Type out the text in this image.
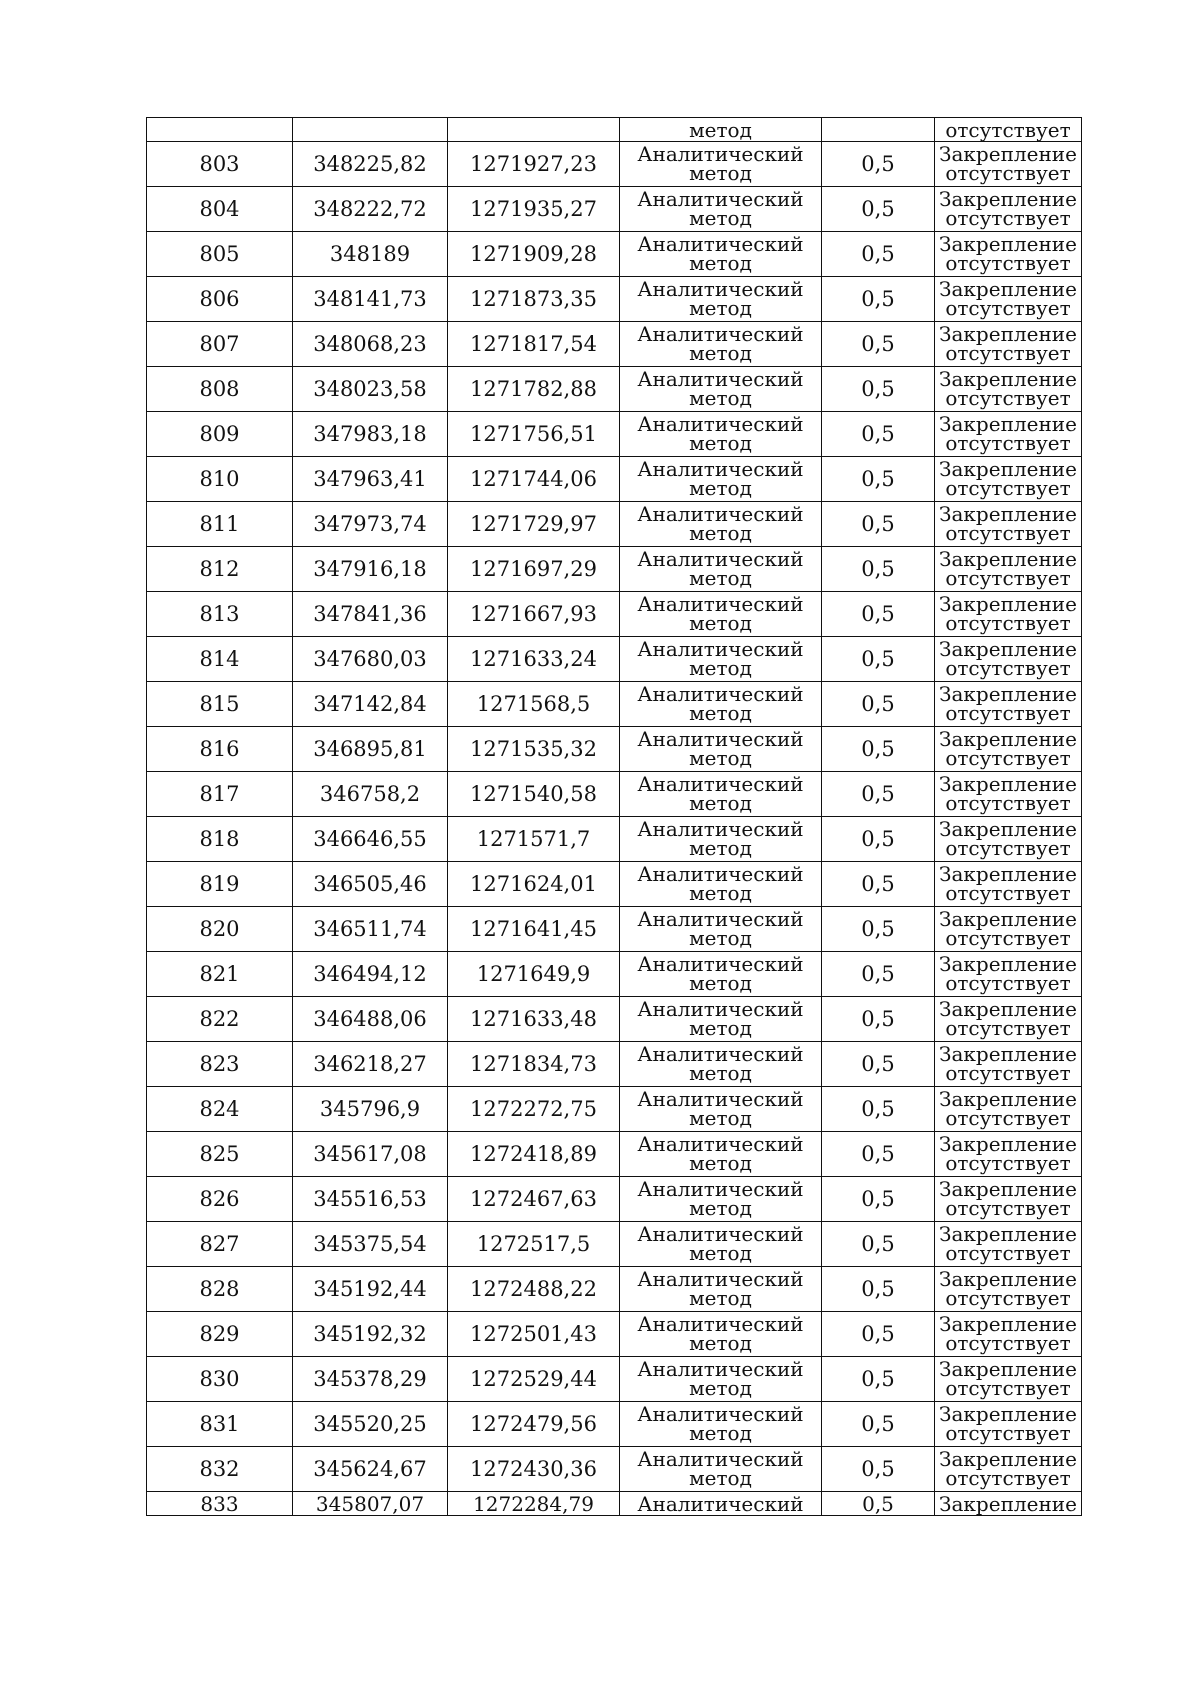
			метод		отсутствует
803	348225,82	1271927,23	Аналитический
метод	0,5	Закрепление
отсутствует

804	348222,72	1271935,27	Аналитический
метод	0,5	Закрепление
отсутствует

805	348189	1271909,28	Аналитический
метод	0,5	Закрепление
отсутствует

806	348141,73	1271873,35	Аналитический
метод	0,5	Закрепление
отсутствует

807	348068,23	1271817,54	Аналитический
метод	0,5	Закрепление
отсутствует

808	348023,58	1271782,88	Аналитический
метод	0,5	Закрепление
отсутствует

809	347983,18	1271756,51	Аналитический
метод	0,5	Закрепление
отсутствует

810	347963,41	1271744,06	Аналитический
метод	0,5	Закрепление
отсутствует

811	347973,74	1271729,97	Аналитический
метод	0,5	Закрепление
отсутствует

812	347916,18	1271697,29	Аналитический
метод	0,5	Закрепление
отсутствует

813	347841,36	1271667,93	Аналитический
метод	0,5	Закрепление
отсутствует

814	347680,03	1271633,24	Аналитический
метод	0,5	Закрепление
отсутствует

815	347142,84	1271568,5	Аналитический
метод	0,5	Закрепление
отсутствует

816	346895,81	1271535,32	Аналитический
метод	0,5	Закрепление
отсутствует

817	346758,2	1271540,58	Аналитический
метод	0,5	Закрепление
отсутствует

818	346646,55	1271571,7	Аналитический
метод	0,5	Закрепление
отсутствует

819	346505,46	1271624,01	Аналитический
метод	0,5	Закрепление
отсутствует

820	346511,74	1271641,45	Аналитический
метод	0,5	Закрепление
отсутствует

821	346494,12	1271649,9	Аналитический
метод	0,5	Закрепление
отсутствует

822	346488,06	1271633,48	Аналитический
метод	0,5	Закрепление
отсутствует

823	346218,27	1271834,73	Аналитический
метод	0,5	Закрепление
отсутствует

824	345796,9	1272272,75	Аналитический
метод	0,5	Закрепление
отсутствует

825	345617,08	1272418,89	Аналитический
метод	0,5	Закрепление
отсутствует

826	345516,53	1272467,63	Аналитический
метод	0,5	Закрепление
отсутствует

827	345375,54	1272517,5	Аналитический
метод	0,5	Закрепление
отсутствует

828	345192,44	1272488,22	Аналитический
метод	0,5	Закрепление
отсутствует

829	345192,32	1272501,43	Аналитический
метод	0,5	Закрепление
отсутствует

830	345378,29	1272529,44	Аналитический
метод	0,5	Закрепление
отсутствует

831	345520,25	1272479,56	Аналитический
метод	0,5	Закрепление
отсутствует

832	345624,67	1272430,36	Аналитический
метод	0,5	Закрепление
отсутствует

833	345807,07	1272284,79	Аналитический	0,5	Закрепление
